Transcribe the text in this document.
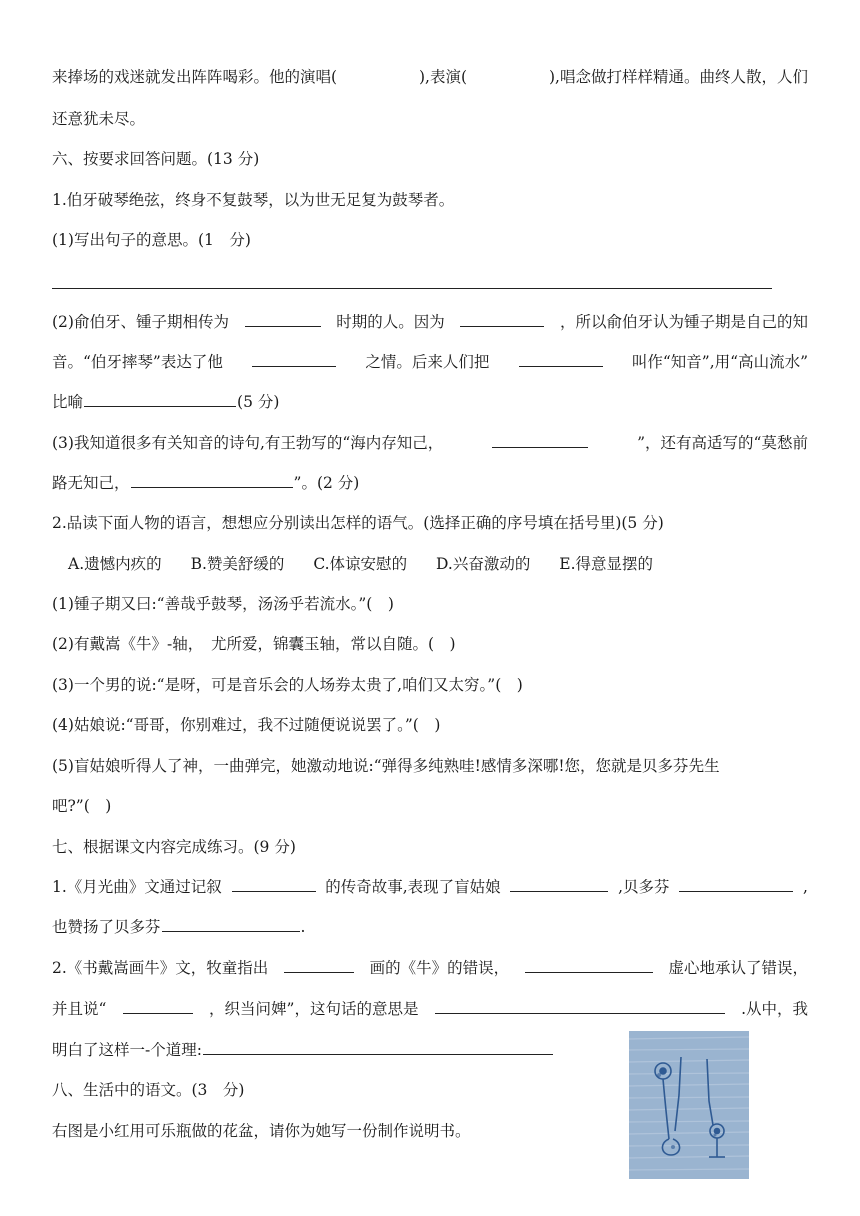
来捧场的戏迷就发出阵阵喝彩。他的演唱(	),表演(	),唱念做打样样精通。曲终人散，人们
还意犹未尽。
六、按要求回答问题。(13 分)
1.伯牙破琴绝弦，终身不复鼓琴，以为世无足复为鼓琴者。
(1)写出句子的意思。(1　分)
(2)俞伯牙、锺子期相传为	时期的人。因为	，所以俞伯牙认为锺子期是自己的知
音。“伯牙摔琴”表达了他	之情。后来人们把	叫作“知音”,用“高山流水”
比喻	(5 分)
(3)我知道很多有关知音的诗句,有王勃写的“海内存知己，	”，还有高适写的“莫愁前
路无知己，	”。(2 分)
2.品读下面人物的语言，想想应分别读出怎样的语气。(选择正确的序号填在括号里)(5 分)
A.遗憾内疚的 B.赞美舒缓的 C.体谅安慰的 D.兴奋激动的 E.得意显摆的
(1)锺子期又曰:“善哉乎鼓琴，汤汤乎若流水。”(　)
(2)有戴嵩《牛》-轴，　尤所爱，锦囊玉轴，常以自随。(　)
(3)一个男的说:“是呀，可是音乐会的人场券太贵了,咱们又太穷。”(　)
(4)姑娘说:“哥哥，你别难过，我不过随便说说罢了。”(　)
(5)盲姑娘听得人了神，一曲弹完，她激动地说:“弹得多纯熟哇!感情多深哪!您，您就是贝多芬先生
吧?”(　)
七、根据课文内容完成练习。(9 分)
1.《月光曲》文通过记叙	的传奇故事,表现了盲姑娘	,贝多芬	,
也赞扬了贝多芬	.
2.《书戴嵩画牛》文，牧童指出	画的《牛》的错误，	虚心地承认了错误，
并且说“	，织当问婢”，这句话的意思是	.从中，我
明白了这样一-个道理:
八、生活中的语文。(3　分)
右图是小红用可乐瓶做的花盆，请你为她写一份制作说明书。
